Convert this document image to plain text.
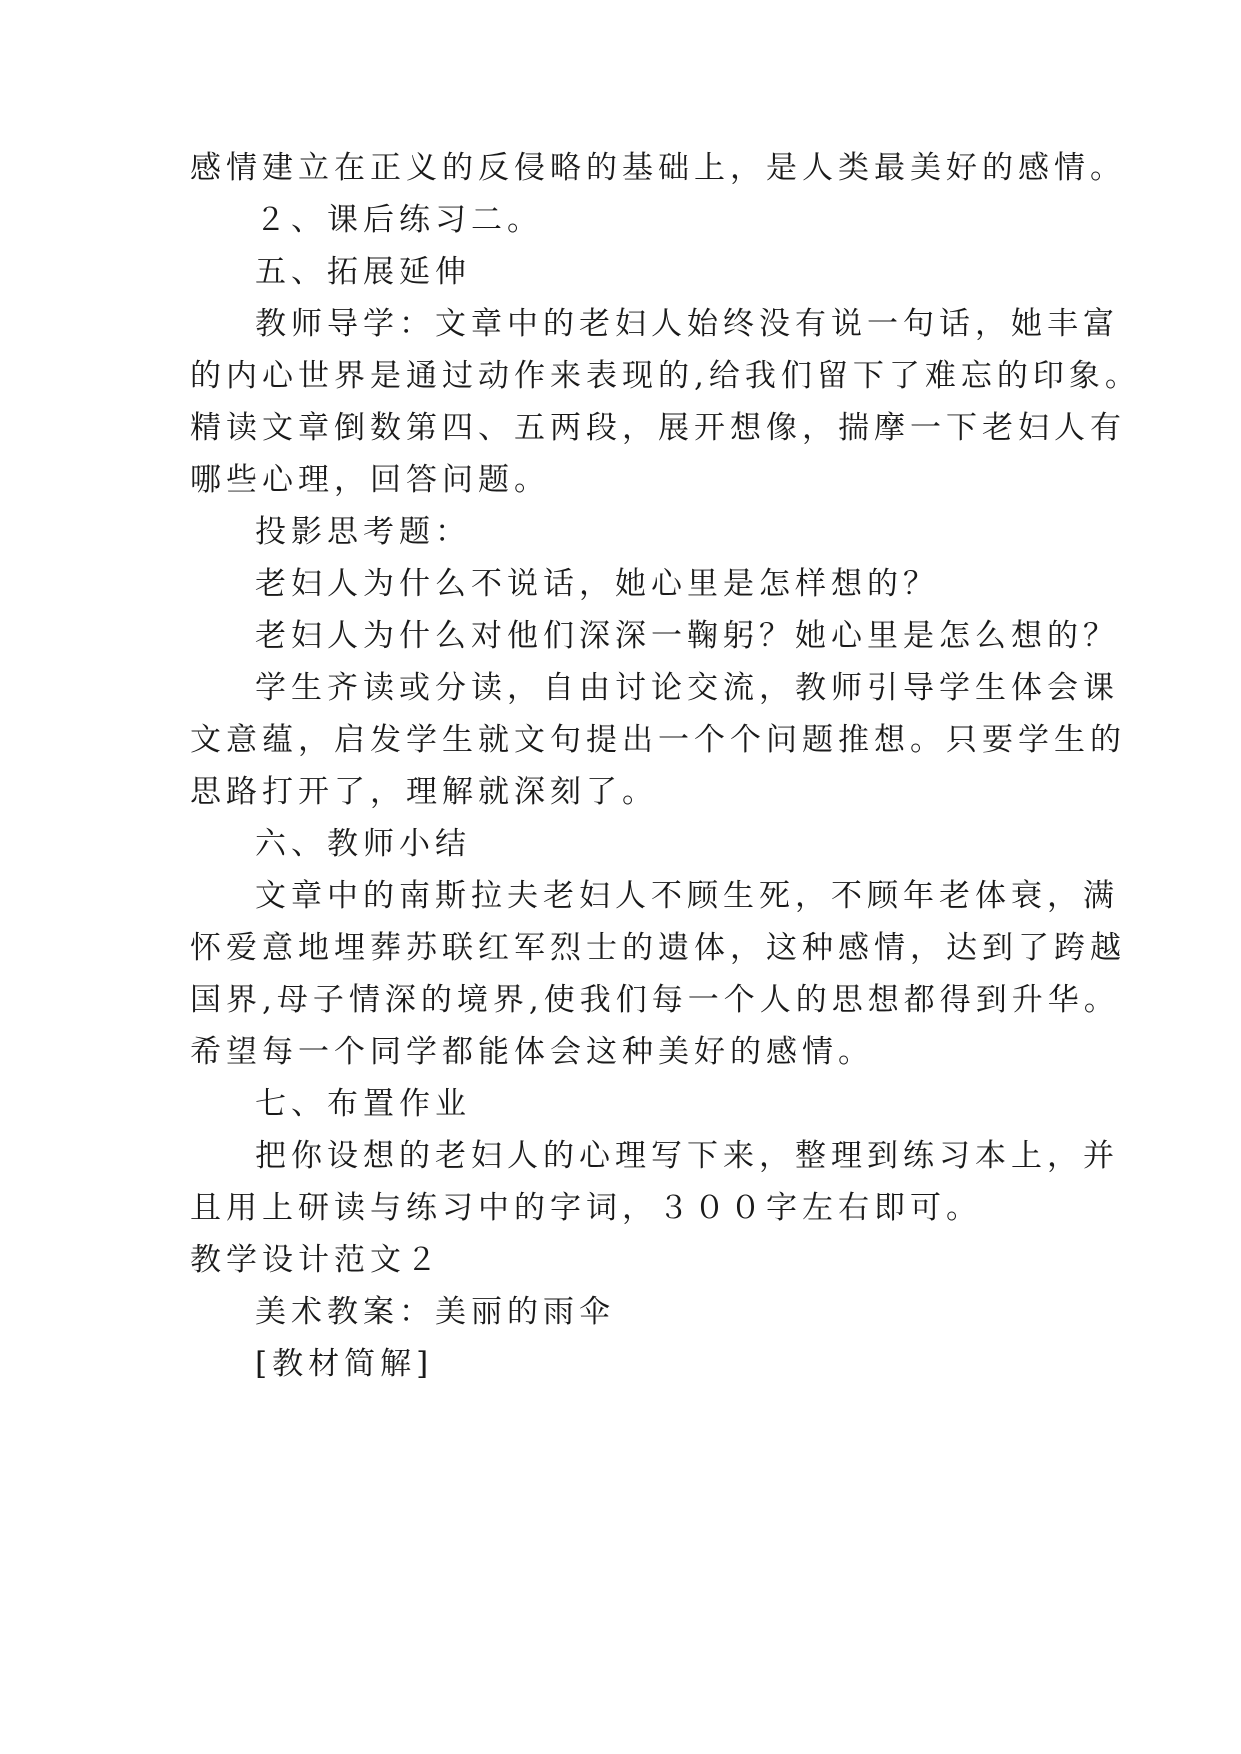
感情建立在正义的反侵略的基础上，是人类最美好的感情。
２、课后练习二。
五、拓展延伸
教师导学：文章中的老妇人始终没有说一句话，她丰富
的内心世界是通过动作来表现的,给我们留下了难忘的印象。
精读文章倒数第四、五两段，展开想像，揣摩一下老妇人有
哪些心理，回答问题。
投影思考题：
老妇人为什么不说话，她心里是怎样想的？
老妇人为什么对他们深深一鞠躬？她心里是怎么想的？
学生齐读或分读，自由讨论交流，教师引导学生体会课
文意蕴，启发学生就文句提出一个个问题推想。只要学生的
思路打开了，理解就深刻了。
六、教师小结
文章中的南斯拉夫老妇人不顾生死，不顾年老体衰，满
怀爱意地埋葬苏联红军烈士的遗体，这种感情，达到了跨越
国界,母子情深的境界,使我们每一个人的思想都得到升华。
希望每一个同学都能体会这种美好的感情。
七、布置作业
把你设想的老妇人的心理写下来，整理到练习本上，并
且用上研读与练习中的字词，３００字左右即可。
教学设计范文２
美术教案：美丽的雨伞
[教材简解]
